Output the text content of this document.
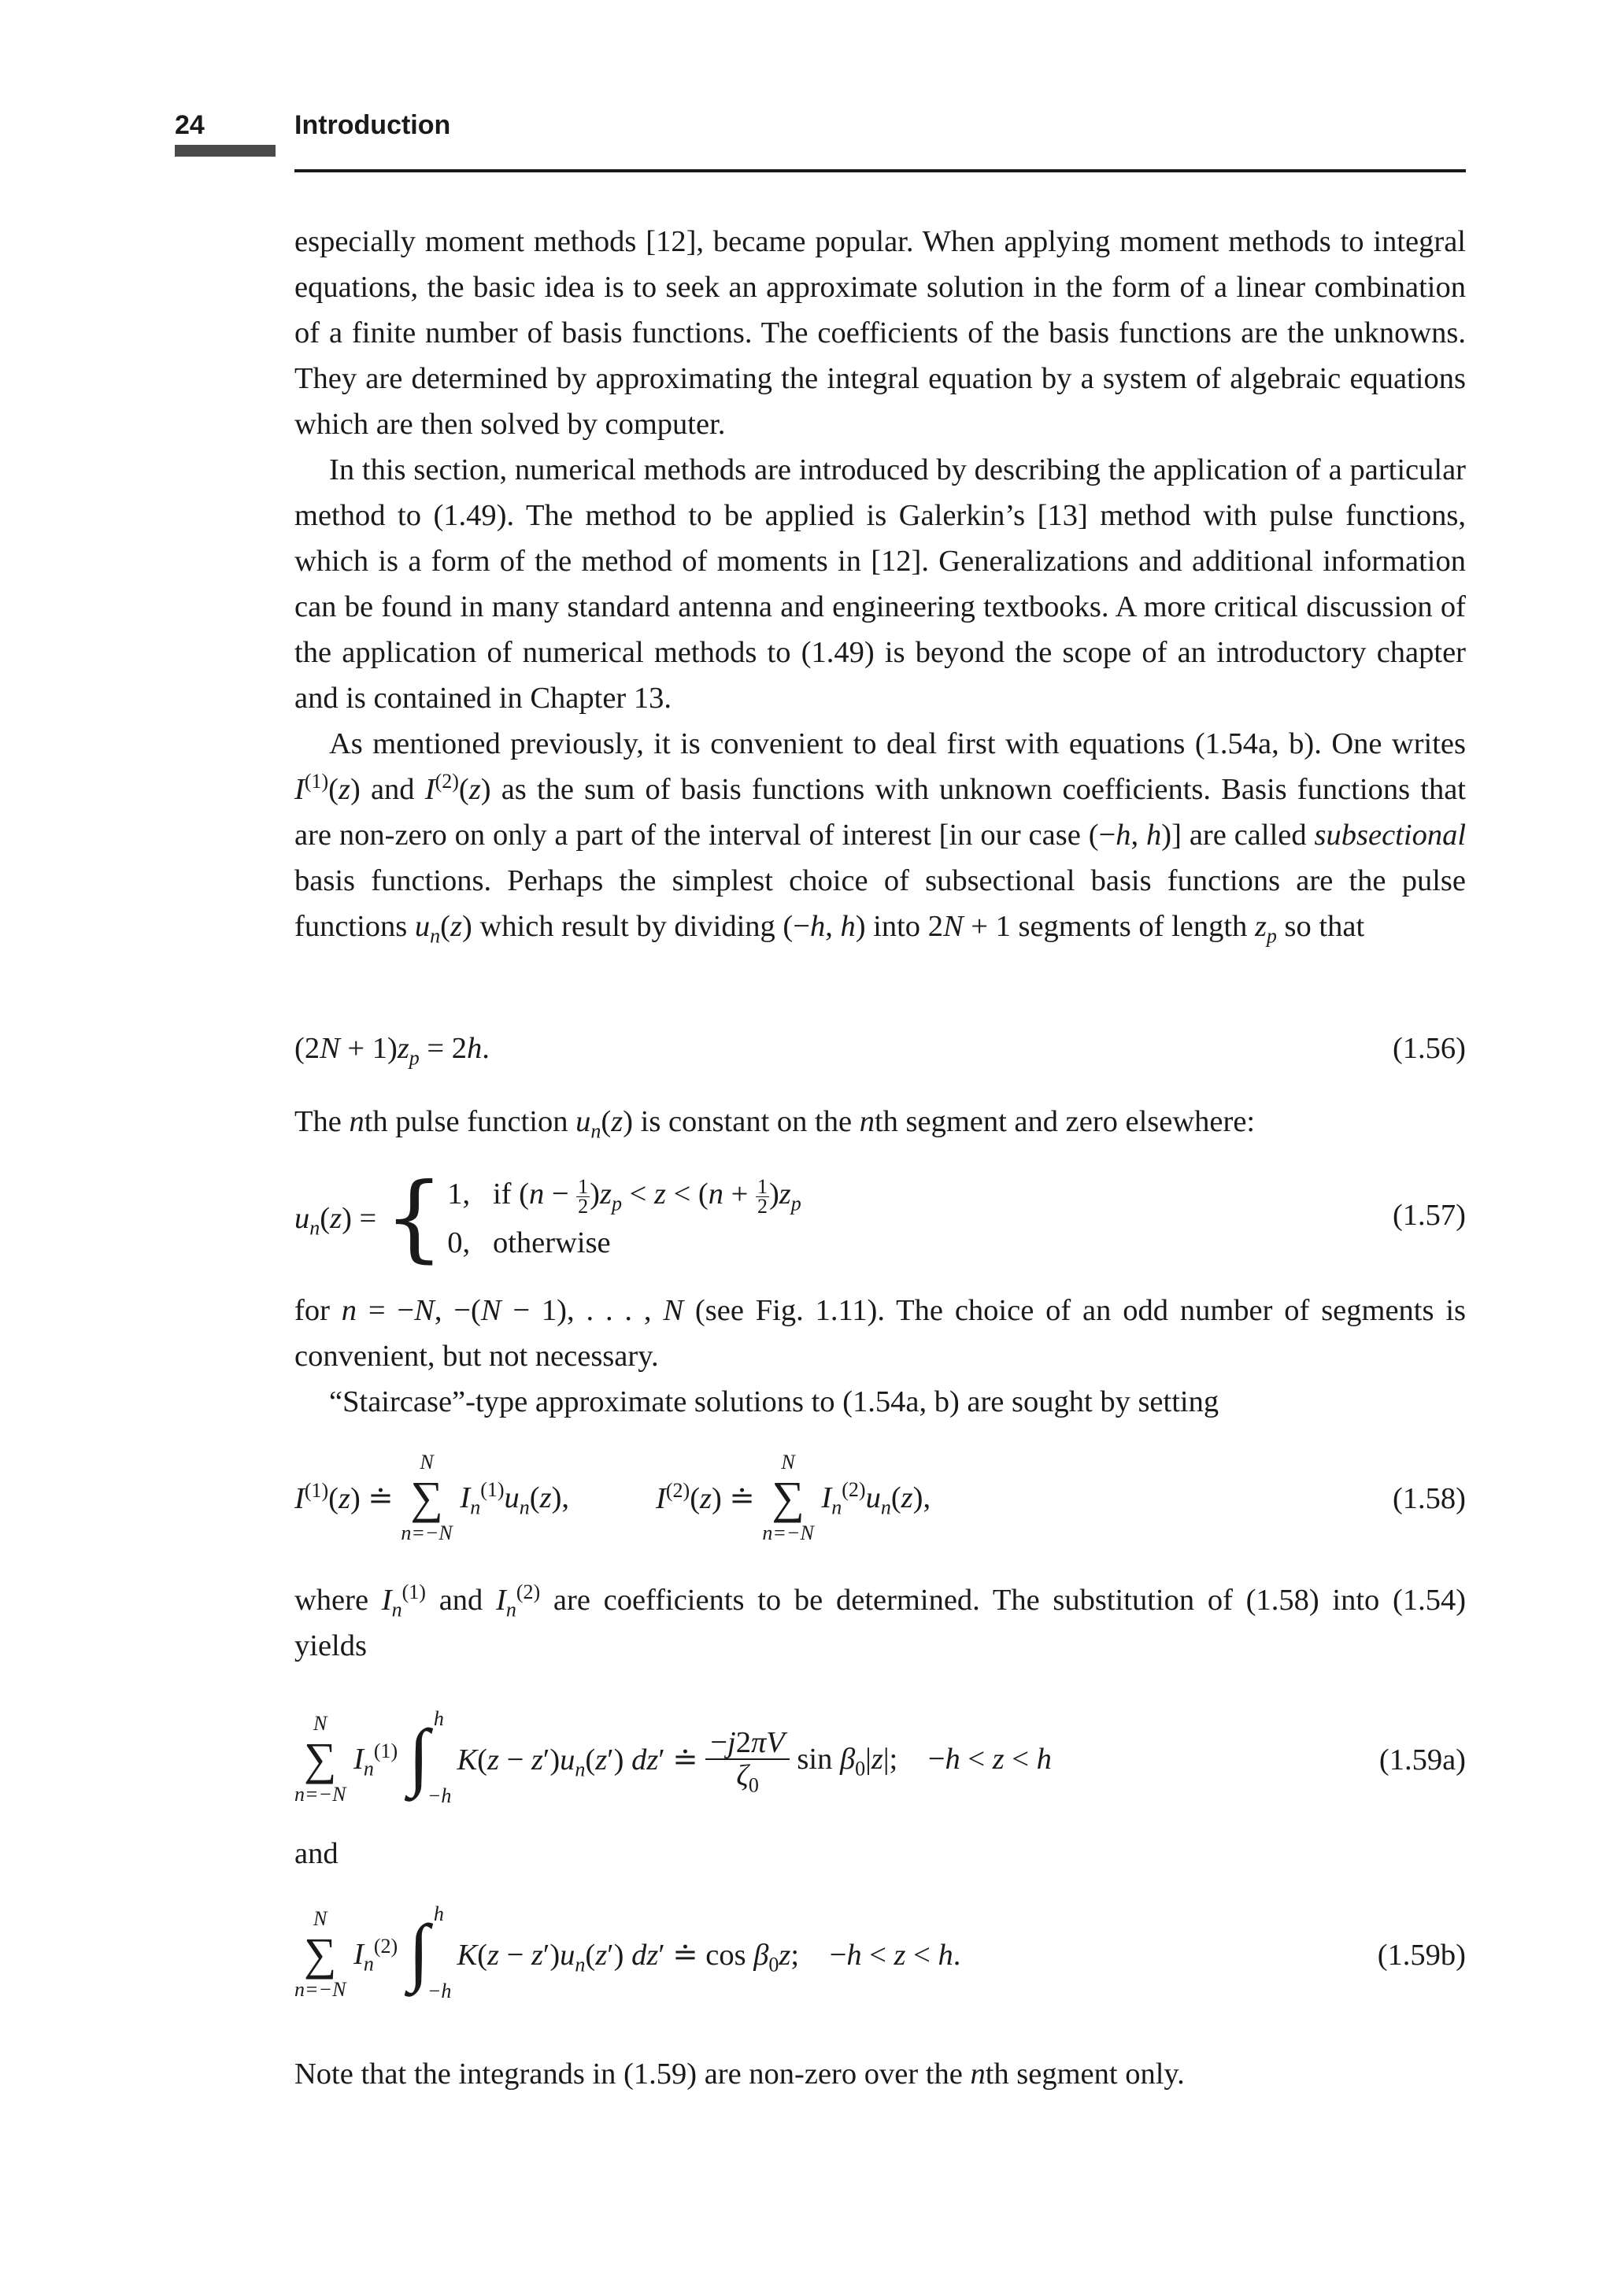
24	Introduction

especially moment methods [12], became popular. When applying moment methods to integral equations, the basic idea is to seek an approximate solution in the form of a linear combination of a finite number of basis functions. The coefficients of the basis functions are the unknowns. They are determined by approximating the integral equation by a system of algebraic equations which are then solved by computer.

In this section, numerical methods are introduced by describing the application of a particular method to (1.49). The method to be applied is Galerkin’s [13] method with pulse functions, which is a form of the method of moments in [12]. Generalizations and additional information can be found in many standard antenna and engineering textbooks. A more critical discussion of the application of numerical methods to (1.49) is beyond the scope of an introductory chapter and is contained in Chapter 13.

As mentioned previously, it is convenient to deal first with equations (1.54a, b). One writes $I^{(1)}(z)$ and $I^{(2)}(z)$ as the sum of basis functions with unknown coefficients. Basis functions that are non-zero on only a part of the interval of interest [in our case (−h, h)] are called subsectional basis functions. Perhaps the simplest choice of subsectional basis functions are the pulse functions $u_n(z)$ which result by dividing (−h, h) into 2N + 1 segments of length $z_p$ so that

$(2N + 1)z_p = 2h$.	(1.56)

The nth pulse function $u_n(z)$ is constant on the nth segment and zero elsewhere:

$u_n(z)$ = { 1, if $(n - \frac{1}{2} )z_p < z < (n + \frac{1}{2} )z_p$
0, otherwise
(1.57)

for n = −N, −(N − 1), . . . , N (see Fig. 1.11). The choice of an odd number of segments is convenient, but not necessary.

“Staircase”-type approximate solutions to (1.54a, b) are sought by setting

$I^{(1)}(z)$ ≐
N
∑
n=−N
$I_n^{(1)}u_n(z)$,	$I^{(2)}(z)$ ≐
N
∑
n=−N
$I_n^{(2)}u_n(z)$,	(1.58)

where $I_n^{(1)}$ and $I_n^{(2)}$ are coefficients to be determined. The substitution of (1.58) into (1.54) yields

N
∑
n=−N
$I_n^{(1)}$ ∫ h
−h
$K(z - z')u_n(z')$ dz′ ≐ $\frac{-j2\pi V}{\zeta_0}$ $\sin \beta_0|z|$;    −h < z < h	(1.59a)

and

N
∑
n=−N
$I_n^{(2)}$ ∫ h
−h
$K(z - z')u_n(z')$ dz′ ≐ $\cos \beta_0z$;    −h < z < h.	(1.59b)

Note that the integrands in (1.59) are non-zero over the nth segment only.
